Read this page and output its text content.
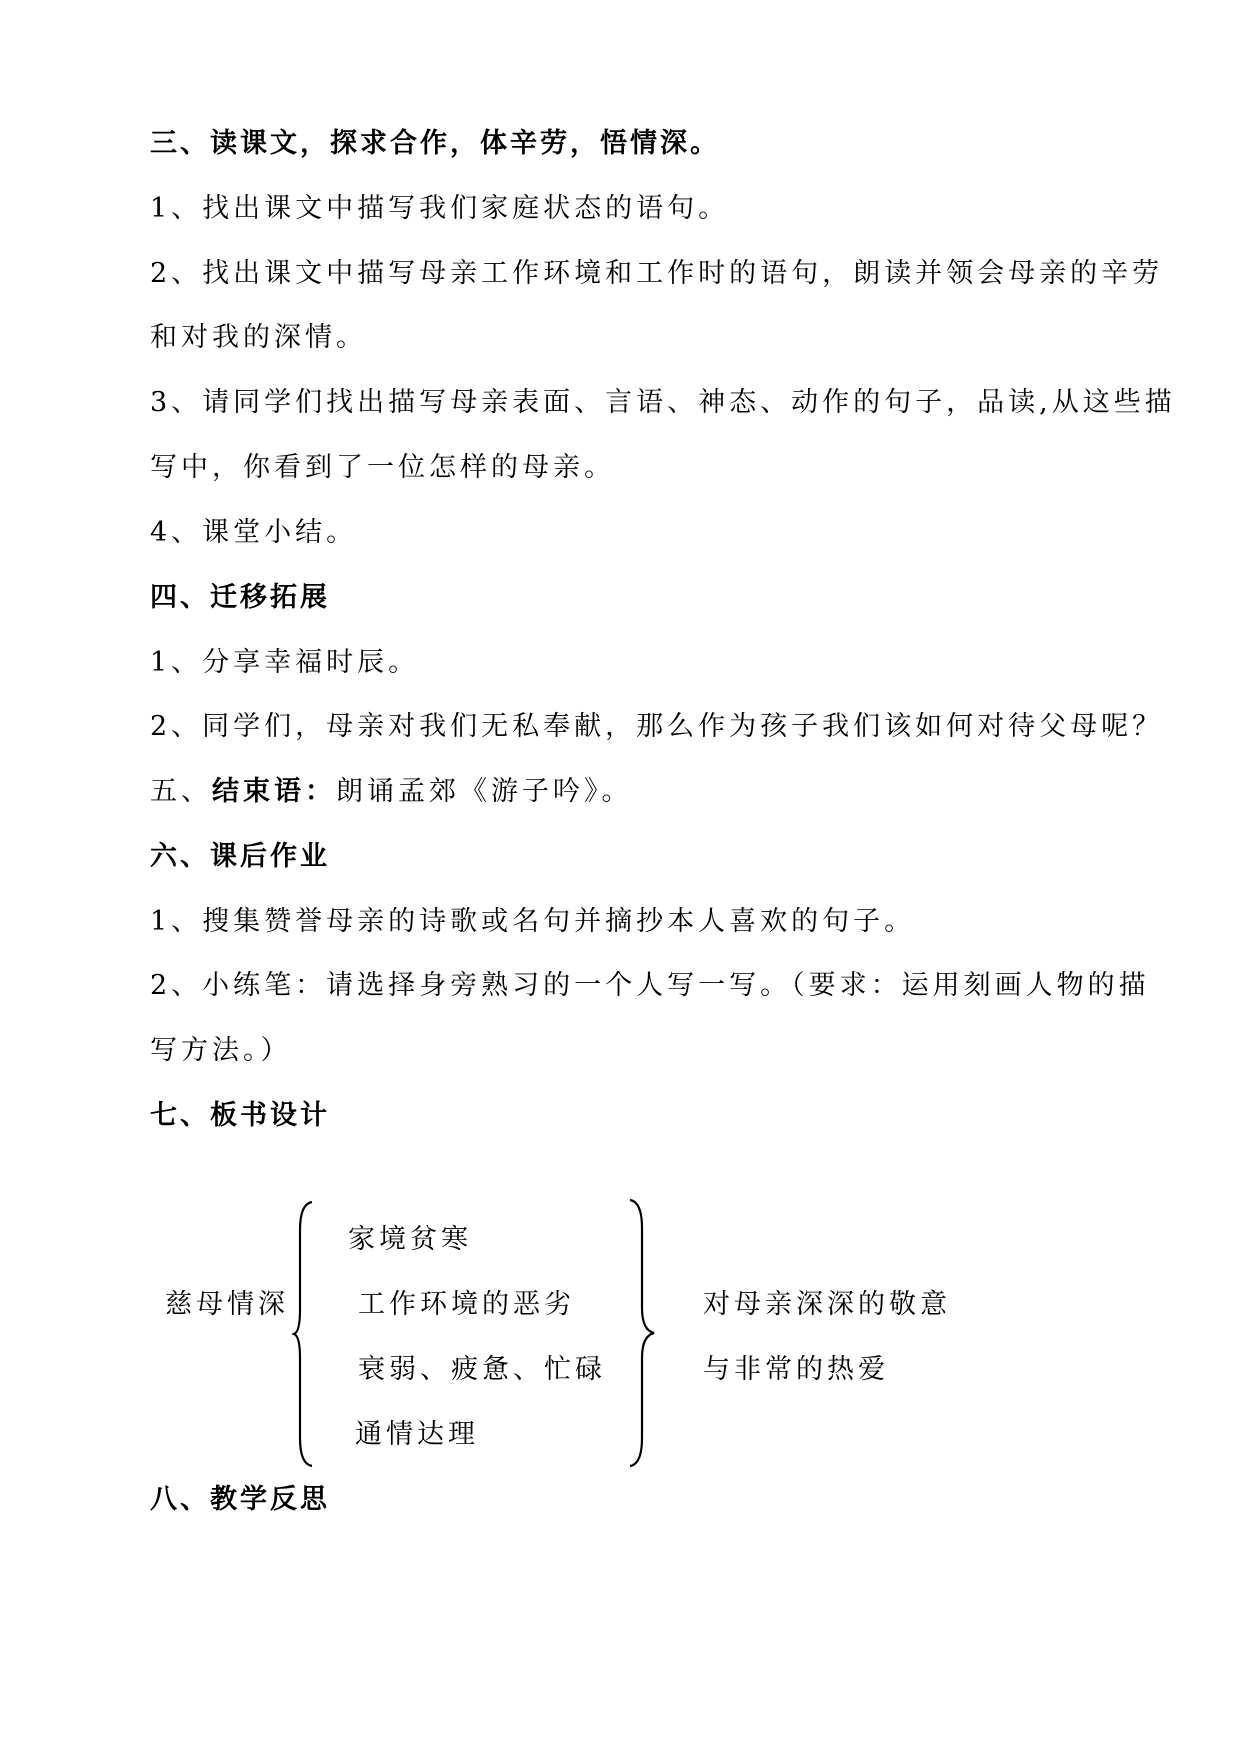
三、读课文，探求合作，体辛劳，悟情深。
1、找出课文中描写我们家庭状态的语句。
2、找出课文中描写母亲工作环境和工作时的语句，朗读并领会母亲的辛劳
和对我的深情。
3、请同学们找出描写母亲表面、言语、神态、动作的句子，品读,从这些描
写中，你看到了一位怎样的母亲。
4、课堂小结。
四、迁移拓展
1、分享幸福时辰。
2、同学们，母亲对我们无私奉献，那么作为孩子我们该如何对待父母呢？
五、结束语：朗诵孟郊《游子吟》。
六、课后作业
1、搜集赞誉母亲的诗歌或名句并摘抄本人喜欢的句子。
2、小练笔：请选择身旁熟习的一个人写一写。（要求：运用刻画人物的描
写方法。）
七、板书设计
慈母情深
家境贫寒
工作环境的恶劣
衰弱、疲惫、忙碌
通情达理
对母亲深深的敬意
与非常的热爱
八、教学反思
